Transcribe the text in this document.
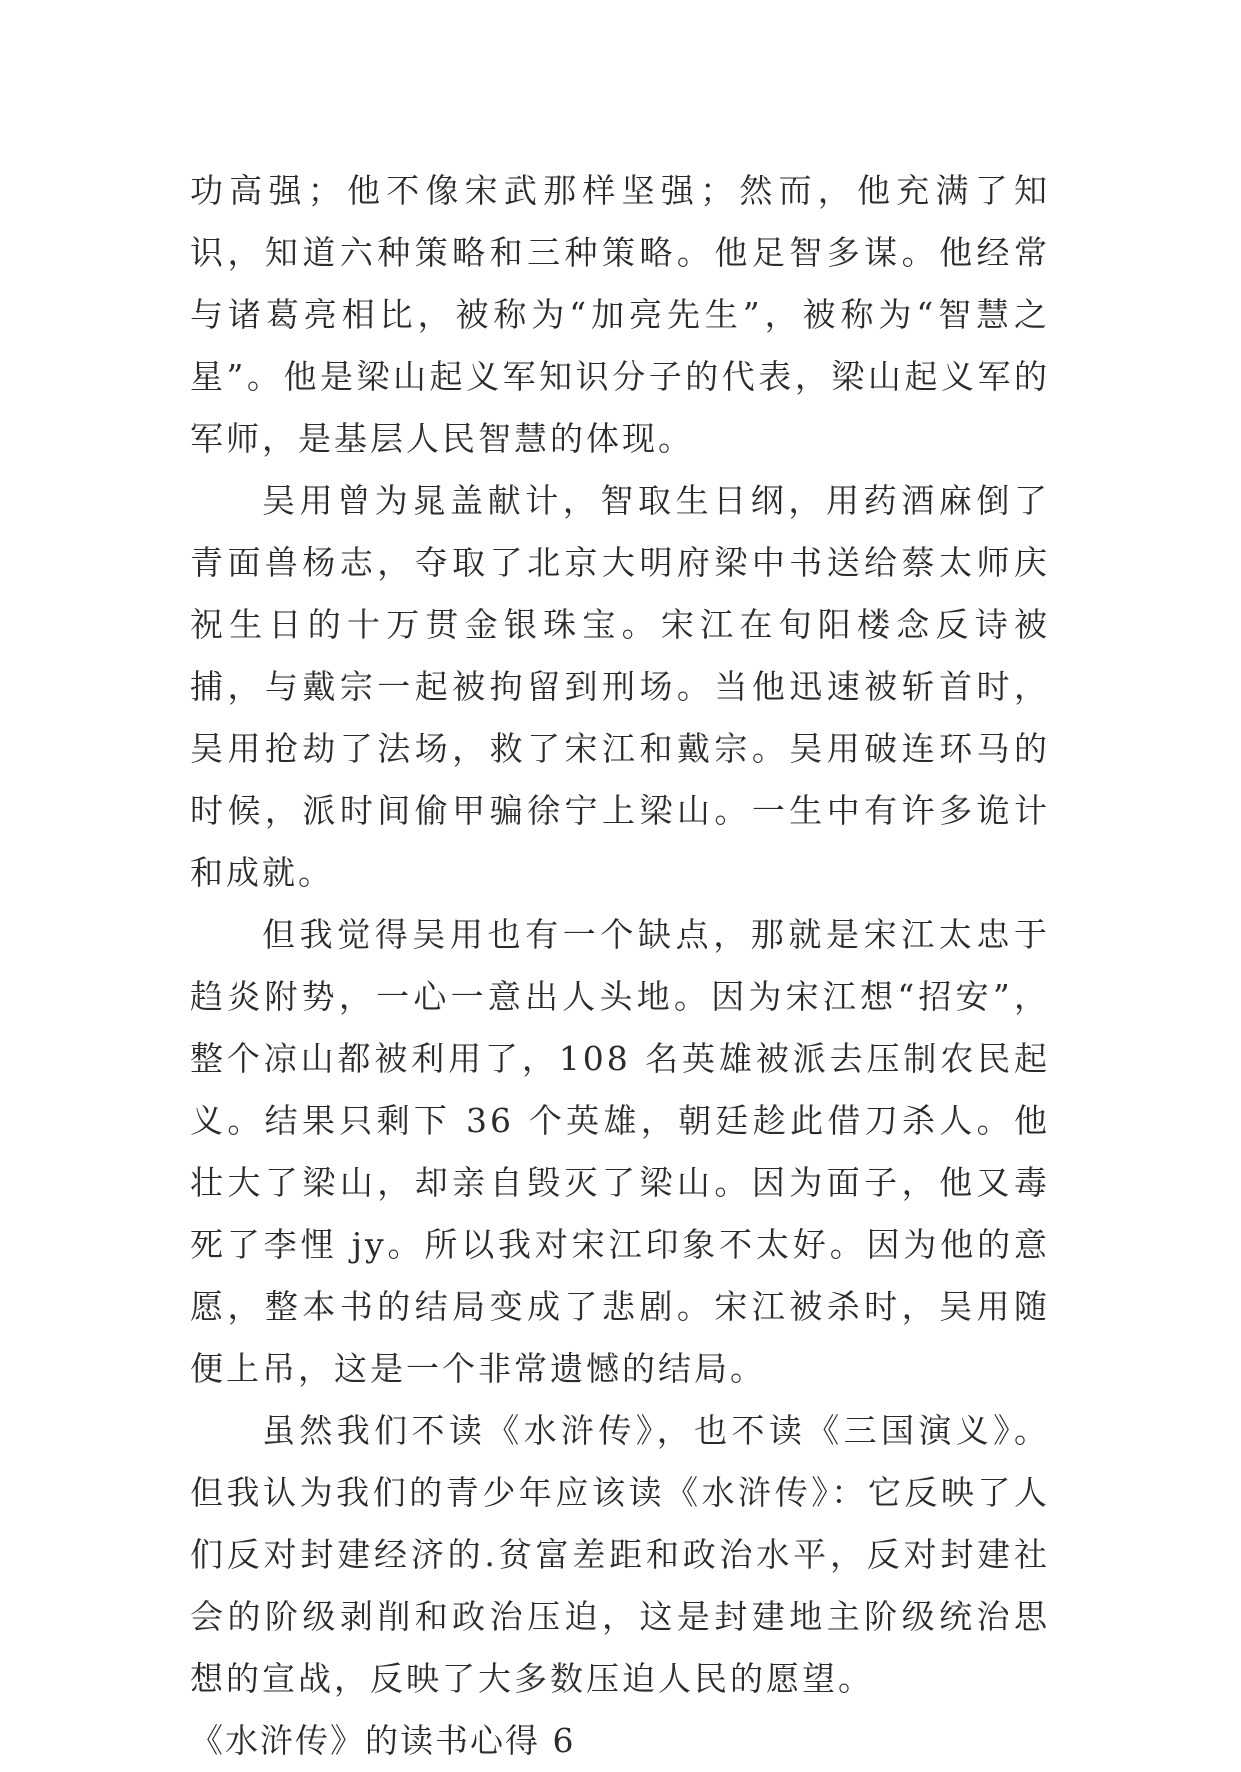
功高强；他不像宋武那样坚强；然而，他充满了知识，知道六种策略和三种策略。他足智多谋。他经常与诸葛亮相比，被称为“加亮先生”，被称为“智慧之星”。他是梁山起义军知识分子的代表，梁山起义军的军师，是基层人民智慧的体现。

吴用曾为晁盖献计，智取生日纲，用药酒麻倒了青面兽杨志，夺取了北京大明府梁中书送给蔡太师庆祝生日的十万贯金银珠宝。宋江在旬阳楼念反诗被捕，与戴宗一起被拘留到刑场。当他迅速被斩首时，吴用抢劫了法场，救了宋江和戴宗。吴用破连环马的时候，派时间偷甲骗徐宁上梁山。一生中有许多诡计和成就。

但我觉得吴用也有一个缺点，那就是宋江太忠于趋炎附势，一心一意出人头地。因为宋江想“招安”，整个凉山都被利用了，108 名英雄被派去压制农民起义。结果只剩下 36 个英雄，朝廷趁此借刀杀人。他壮大了梁山，却亲自毁灭了梁山。因为面子，他又毒死了李悝 jy。所以我对宋江印象不太好。因为他的意愿，整本书的结局变成了悲剧。宋江被杀时，吴用随便上吊，这是一个非常遗憾的结局。

虽然我们不读《水浒传》，也不读《三国演义》。但我认为我们的青少年应该读《水浒传》：它反映了人们反对封建经济的.贫富差距和政治水平，反对封建社会的阶级剥削和政治压迫，这是封建地主阶级统治思想的宣战，反映了大多数压迫人民的愿望。

《水浒传》的读书心得 6
